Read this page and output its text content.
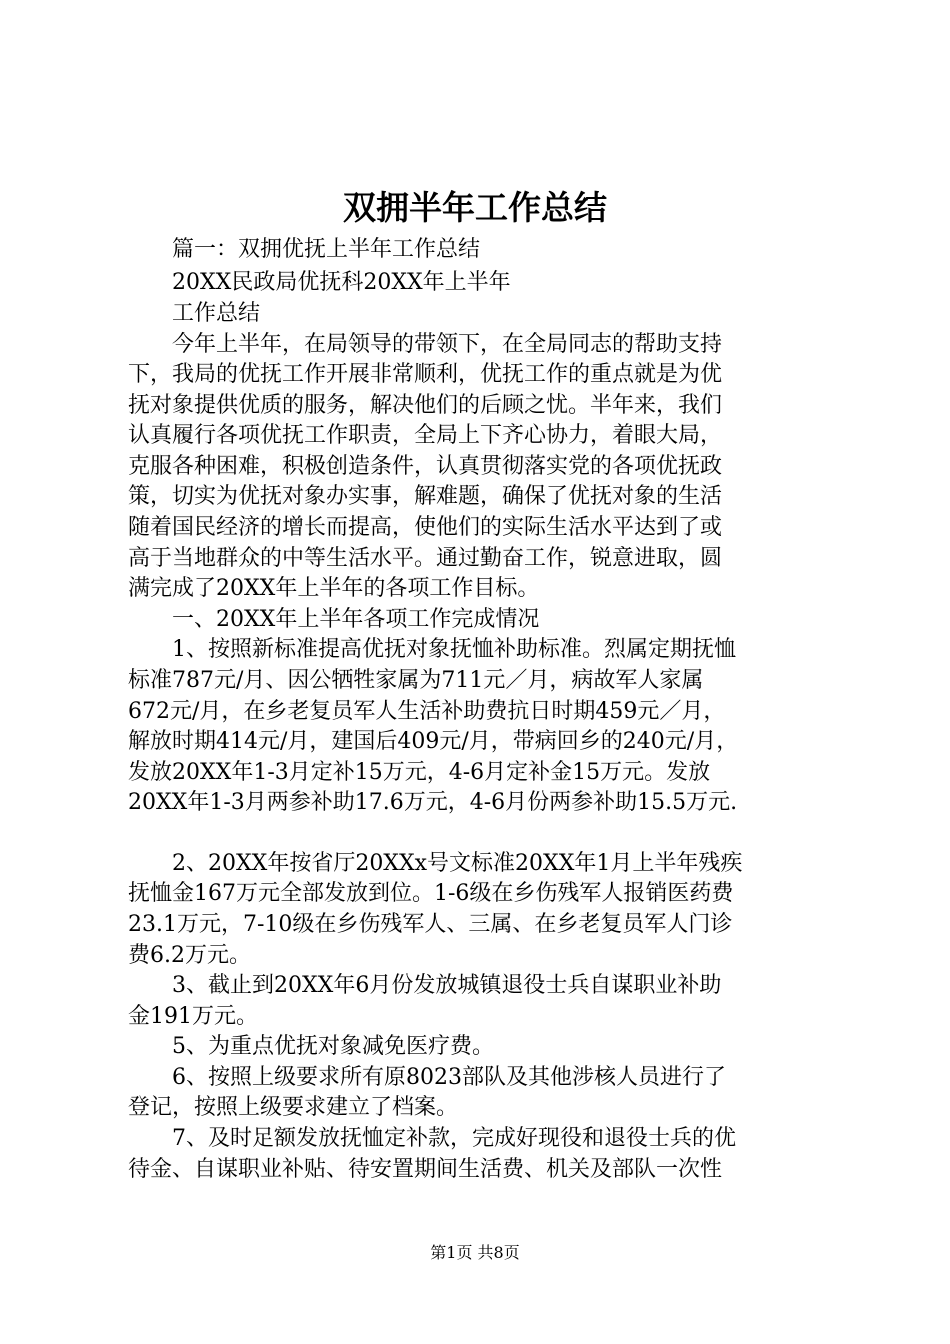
双拥半年工作总结
　　篇一：双拥优抚上半年工作总结
　　20XX民政局优抚科20XX年上半年
　　工作总结
　　今年上半年，在局领导的带领下，在全局同志的帮助支持
下，我局的优抚工作开展非常顺利，优抚工作的重点就是为优
抚对象提供优质的服务，解决他们的后顾之忧。半年来，我们
认真履行各项优抚工作职责，全局上下齐心协力，着眼大局，
克服各种困难，积极创造条件，认真贯彻落实党的各项优抚政
策，切实为优抚对象办实事，解难题，确保了优抚对象的生活
随着国民经济的增长而提高，使他们的实际生活水平达到了或
高于当地群众的中等生活水平。通过勤奋工作，锐意进取，圆
满完成了20XX年上半年的各项工作目标。
　　一、20XX年上半年各项工作完成情况
　　1、按照新标准提高优抚对象抚恤补助标准。烈属定期抚恤
标准787元/月、因公牺牲家属为711元／月，病故军人家属
672元/月，在乡老复员军人生活补助费抗日时期459元／月，
解放时期414元/月，建国后409元/月，带病回乡的240元/月，
发放20XX年1-3月定补15万元，4-6月定补金15万元。发放
20XX年1-3月两参补助17.6万元，4-6月份两参补助15.5万元.
　　2、20XX年按省厅20XXx号文标准20XX年1月上半年残疾
抚恤金167万元全部发放到位。1-6级在乡伤残军人报销医药费
23.1万元，7-10级在乡伤残军人、三属、在乡老复员军人门诊
费6.2万元。
　　3、截止到20XX年6月份发放城镇退役士兵自谋职业补助
金191万元。
　　5、为重点优抚对象减免医疗费。
　　6、按照上级要求所有原8023部队及其他涉核人员进行了
登记，按照上级要求建立了档案。
　　7、及时足额发放抚恤定补款，完成好现役和退役士兵的优
待金、自谋职业补贴、待安置期间生活费、机关及部队一次性
第1页 共8页
